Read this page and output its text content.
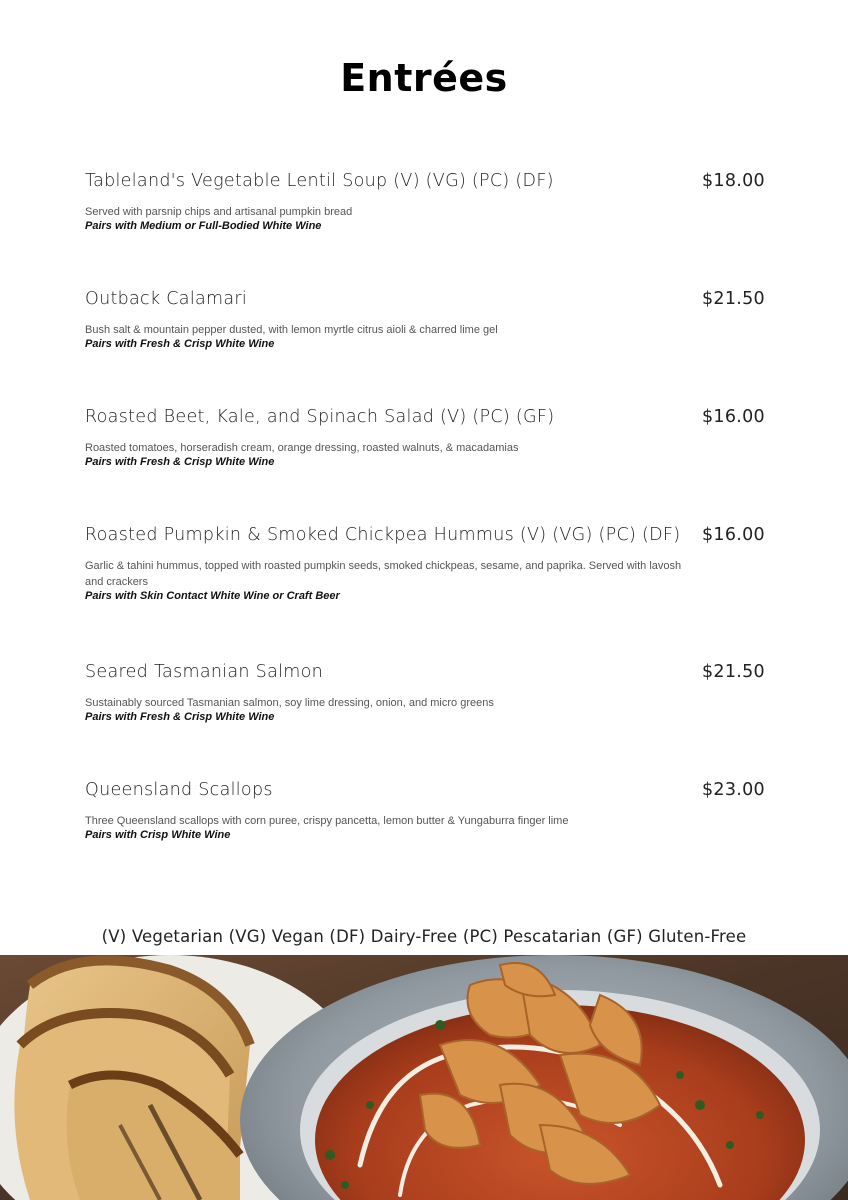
Entrées
Tableland's Vegetable Lentil Soup (V) (VG) (PC) (DF)	$18.00
Served with parsnip chips and artisanal pumpkin bread
Pairs with Medium or Full-Bodied White Wine
Outback Calamari	$21.50
Bush salt & mountain pepper dusted, with lemon myrtle citrus aioli & charred lime gel
Pairs with Fresh & Crisp White Wine
Roasted Beet, Kale, and Spinach Salad (V) (PC) (GF)	$16.00
Roasted tomatoes, horseradish cream, orange dressing, roasted walnuts, & macadamias
Pairs with Fresh & Crisp White Wine
Roasted Pumpkin & Smoked Chickpea Hummus (V) (VG) (PC) (DF) $16.00
Garlic & tahini hummus, topped with roasted pumpkin seeds, smoked chickpeas, sesame, and paprika. Served with lavosh and crackers
Pairs with Skin Contact White Wine or Craft Beer
Seared Tasmanian Salmon	$21.50
Sustainably sourced Tasmanian salmon, soy lime dressing, onion, and micro greens
Pairs with Fresh & Crisp White Wine
Queensland Scallops	$23.00
Three Queensland scallops with corn puree, crispy pancetta, lemon butter & Yungaburra finger lime
Pairs with Crisp White Wine
(V) Vegetarian (VG) Vegan (DF) Dairy-Free (PC) Pescatarian (GF) Gluten-Free
